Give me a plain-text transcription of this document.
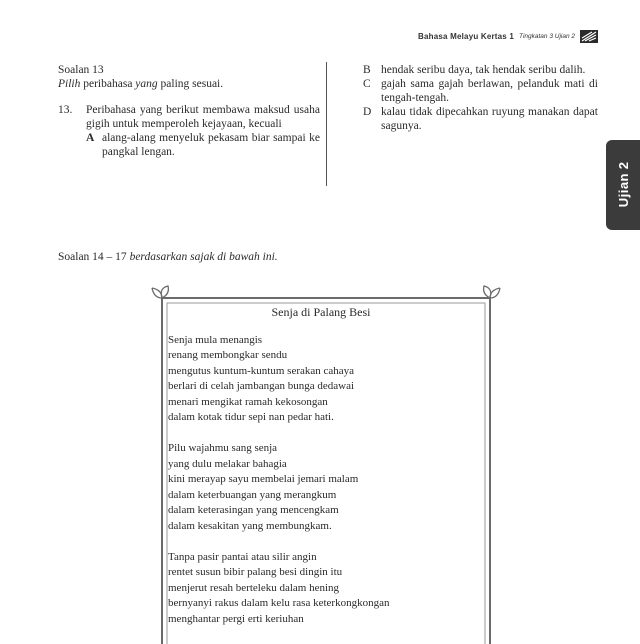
Bahasa Melayu Kertas 1 Tingkatan 3 Ujian 2

Soalan 13

Pilih peribahasa yang paling sesuai.

13.	Peribahasa yang berikut membawa maksud usaha gigih untuk memperoleh kejayaan, kecuali
A alang-alang menyeluk pekasam biar sampai ke pangkal lengan.
B hendak seribu daya, tak hendak seribu dalih.
C gajah sama gajah berlawan, pelanduk mati di tengah-tengah.
D kalau tidak dipecahkan ruyung manakan dapat sagunya.
2
Ujian
Soalan 14 – 17 berdasarkan sajak di bawah ini.
Senja di Palang Besi
Senja mula menangis
renang membongkar sendu
mengutus kuntum-kuntum serakan cahaya
berlari di celah jambangan bunga dedawai
menari mengikat ramah kekosongan
dalam kotak tidur sepi nan pedar hati.
Pilu wajahmu sang senja
yang dulu melakar bahagia
kini merayap sayu membelai jemari malam
dalam keterbuangan yang merangkum
dalam keterasingan yang mencengkam
dalam kesakitan yang membungkam.
Tanpa pasir pantai atau silir angin
rentet susun bibir palang besi dingin itu
menjerut resah berteleku dalam hening
bernyanyi rakus dalam kelu rasa keterkongkongan
menghantar pergi erti keriuhan
